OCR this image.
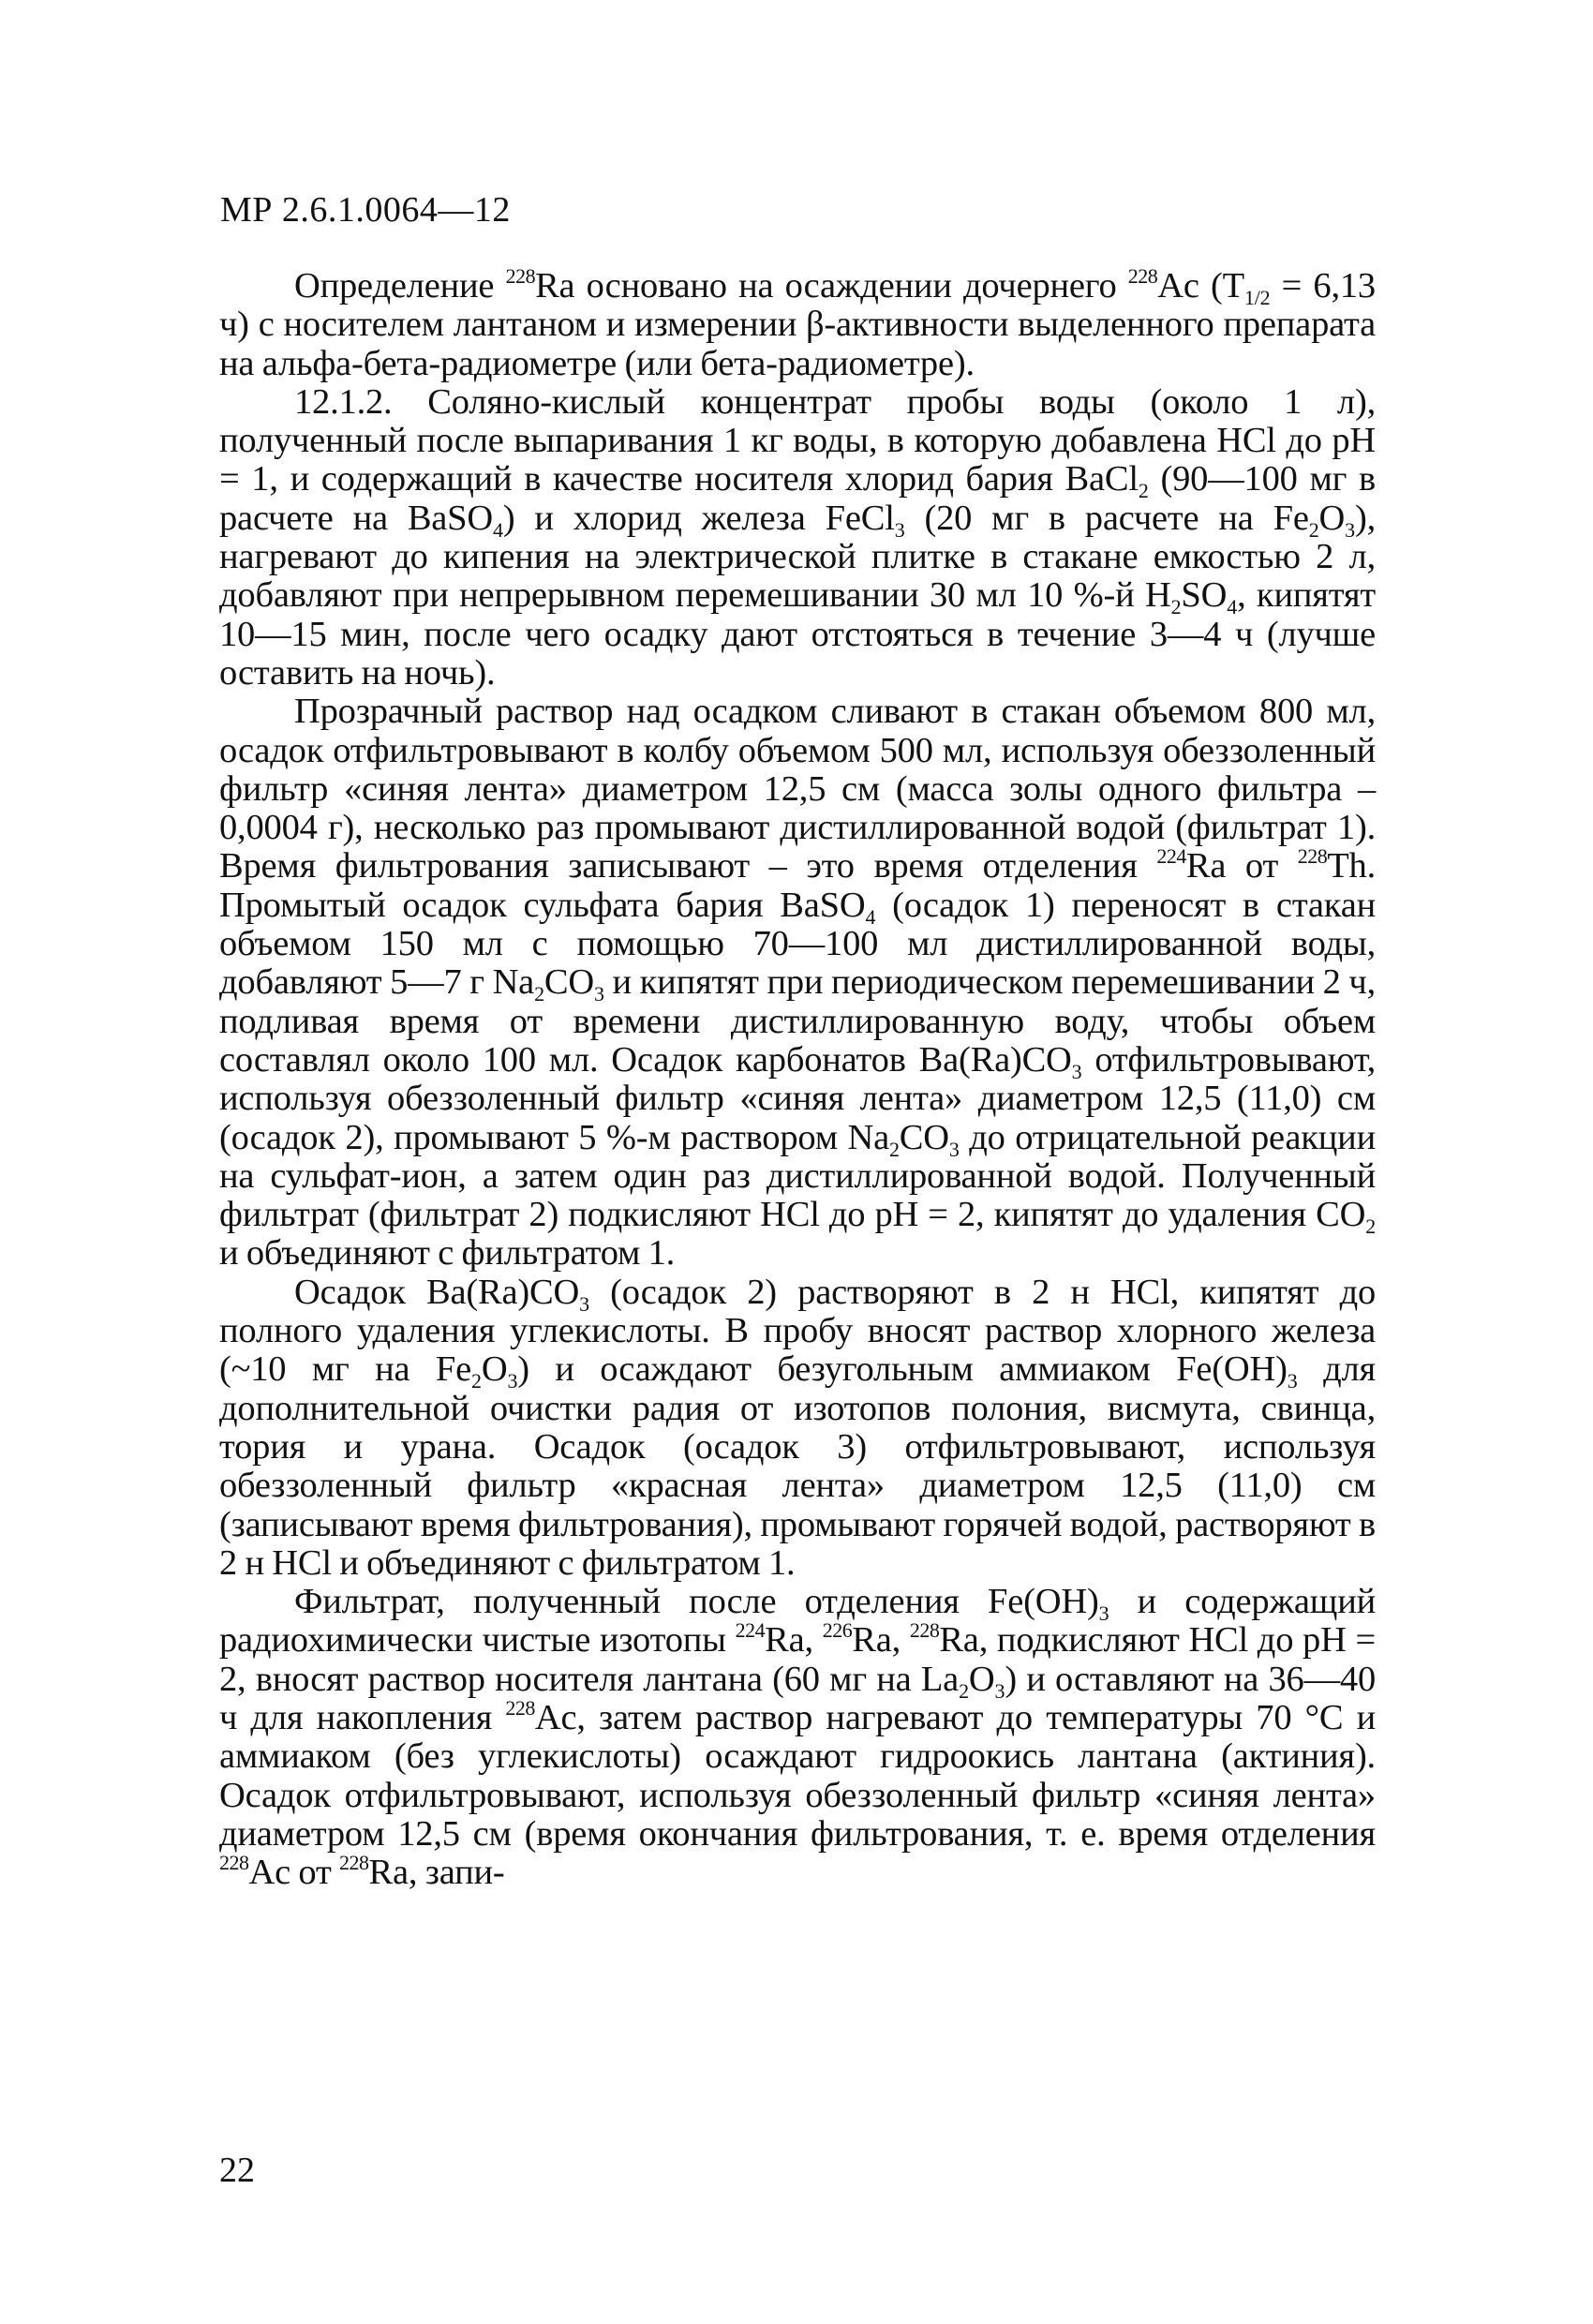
МР 2.6.1.0064—12

Определение $^{228}$Ra основано на осаждении дочернего $^{228}$Ac ($T_{1/2} = 6,13$ ч) с носителем лантаном и измерении β-активности выделенного препарата на альфа-бета-радиометре (или бета-радиометре).

12.1.2. Соляно-кислый концентрат пробы воды (около 1 л), полученный после выпаривания 1 кг воды, в которую добавлена HCl до pH = 1, и содержащий в качестве носителя хлорид бария BaCl$_2$ (90—100 мг в расчете на BaSO$_4$) и хлорид железа FeCl$_3$ (20 мг в расчете на $Fe_2O_3$), нагревают до кипения на электрической плитке в стакане емкостью 2 л, добавляют при непрерывном перемешивании 30 мл 10 %-й $H_2SO_4$, кипятят 10—15 мин, после чего осадку дают отстояться в течение 3—4 ч (лучше оставить на ночь).

Прозрачный раствор над осадком сливают в стакан объемом 800 мл, осадок отфильтровывают в колбу объемом 500 мл, используя обеззоленный фильтр «синяя лента» диаметром 12,5 см (масса золы одного фильтра – 0,0004 г), несколько раз промывают дистиллированной водой (фильтрат 1). Время фильтрования записывают – это время отделения $^{224}$Ra от $^{228}$Th. Промытый осадок сульфата бария BaSO$_4$ (осадок 1) переносят в стакан объемом 150 мл с помощью 70—100 мл дистиллированной воды, добавляют 5—7 г $Na_2CO_3$ и кипятят при периодическом перемешивании 2 ч, подливая время от времени дистиллированную воду, чтобы объем составлял около 100 мл. Осадок карбонатов $Ba(Ra)CO_3$ отфильтровывают, используя обеззоленный фильтр «синяя лента» диаметром 12,5 (11,0) см (осадок 2), промывают 5 %-м раствором $Na_2CO_3$ до отрицательной реакции на сульфат-ион, а затем один раз дистиллированной водой. Полученный фильтрат (фильтрат 2) подкисляют HCl до pH = 2, кипятят до удаления $CO_2$ и объединяют с фильтратом 1.

Осадок $Ba(Ra)CO_3$ (осадок 2) растворяют в 2 н HCl, кипятят до полного удаления углекислоты. В пробу вносят раствор хлорного железа (~10 мг на $Fe_2O_3$) и осаждают безугольным аммиаком $Fe(OH)_3$ для дополнительной очистки радия от изотопов полония, висмута, свинца, тория и урана. Осадок (осадок 3) отфильтровывают, используя обеззоленный фильтр «красная лента» диаметром 12,5 (11,0) см (записывают время фильтрования), промывают горячей водой, растворяют в 2 н HCl и объединяют с фильтратом 1.

Фильтрат, полученный после отделения $Fe(OH)_3$ и содержащий радиохимически чистые изотопы $^{224}$Ra, $^{226}$Ra, $^{228}$Ra, подкисляют HCl до pH = 2, вносят раствор носителя лантана (60 мг на $La_2O_3$) и оставляют на 36—40 ч для накопления $^{228}$Ac, затем раствор нагревают до температуры 70 °C и аммиаком (без углекислоты) осаждают гидроокись лантана (актиния). Осадок отфильтровывают, используя обеззоленный фильтр «синяя лента» диаметром 12,5 см (время окончания фильтрования, т. е. время отделения $^{228}$Ac от $^{228}$Ra, запи-

22
